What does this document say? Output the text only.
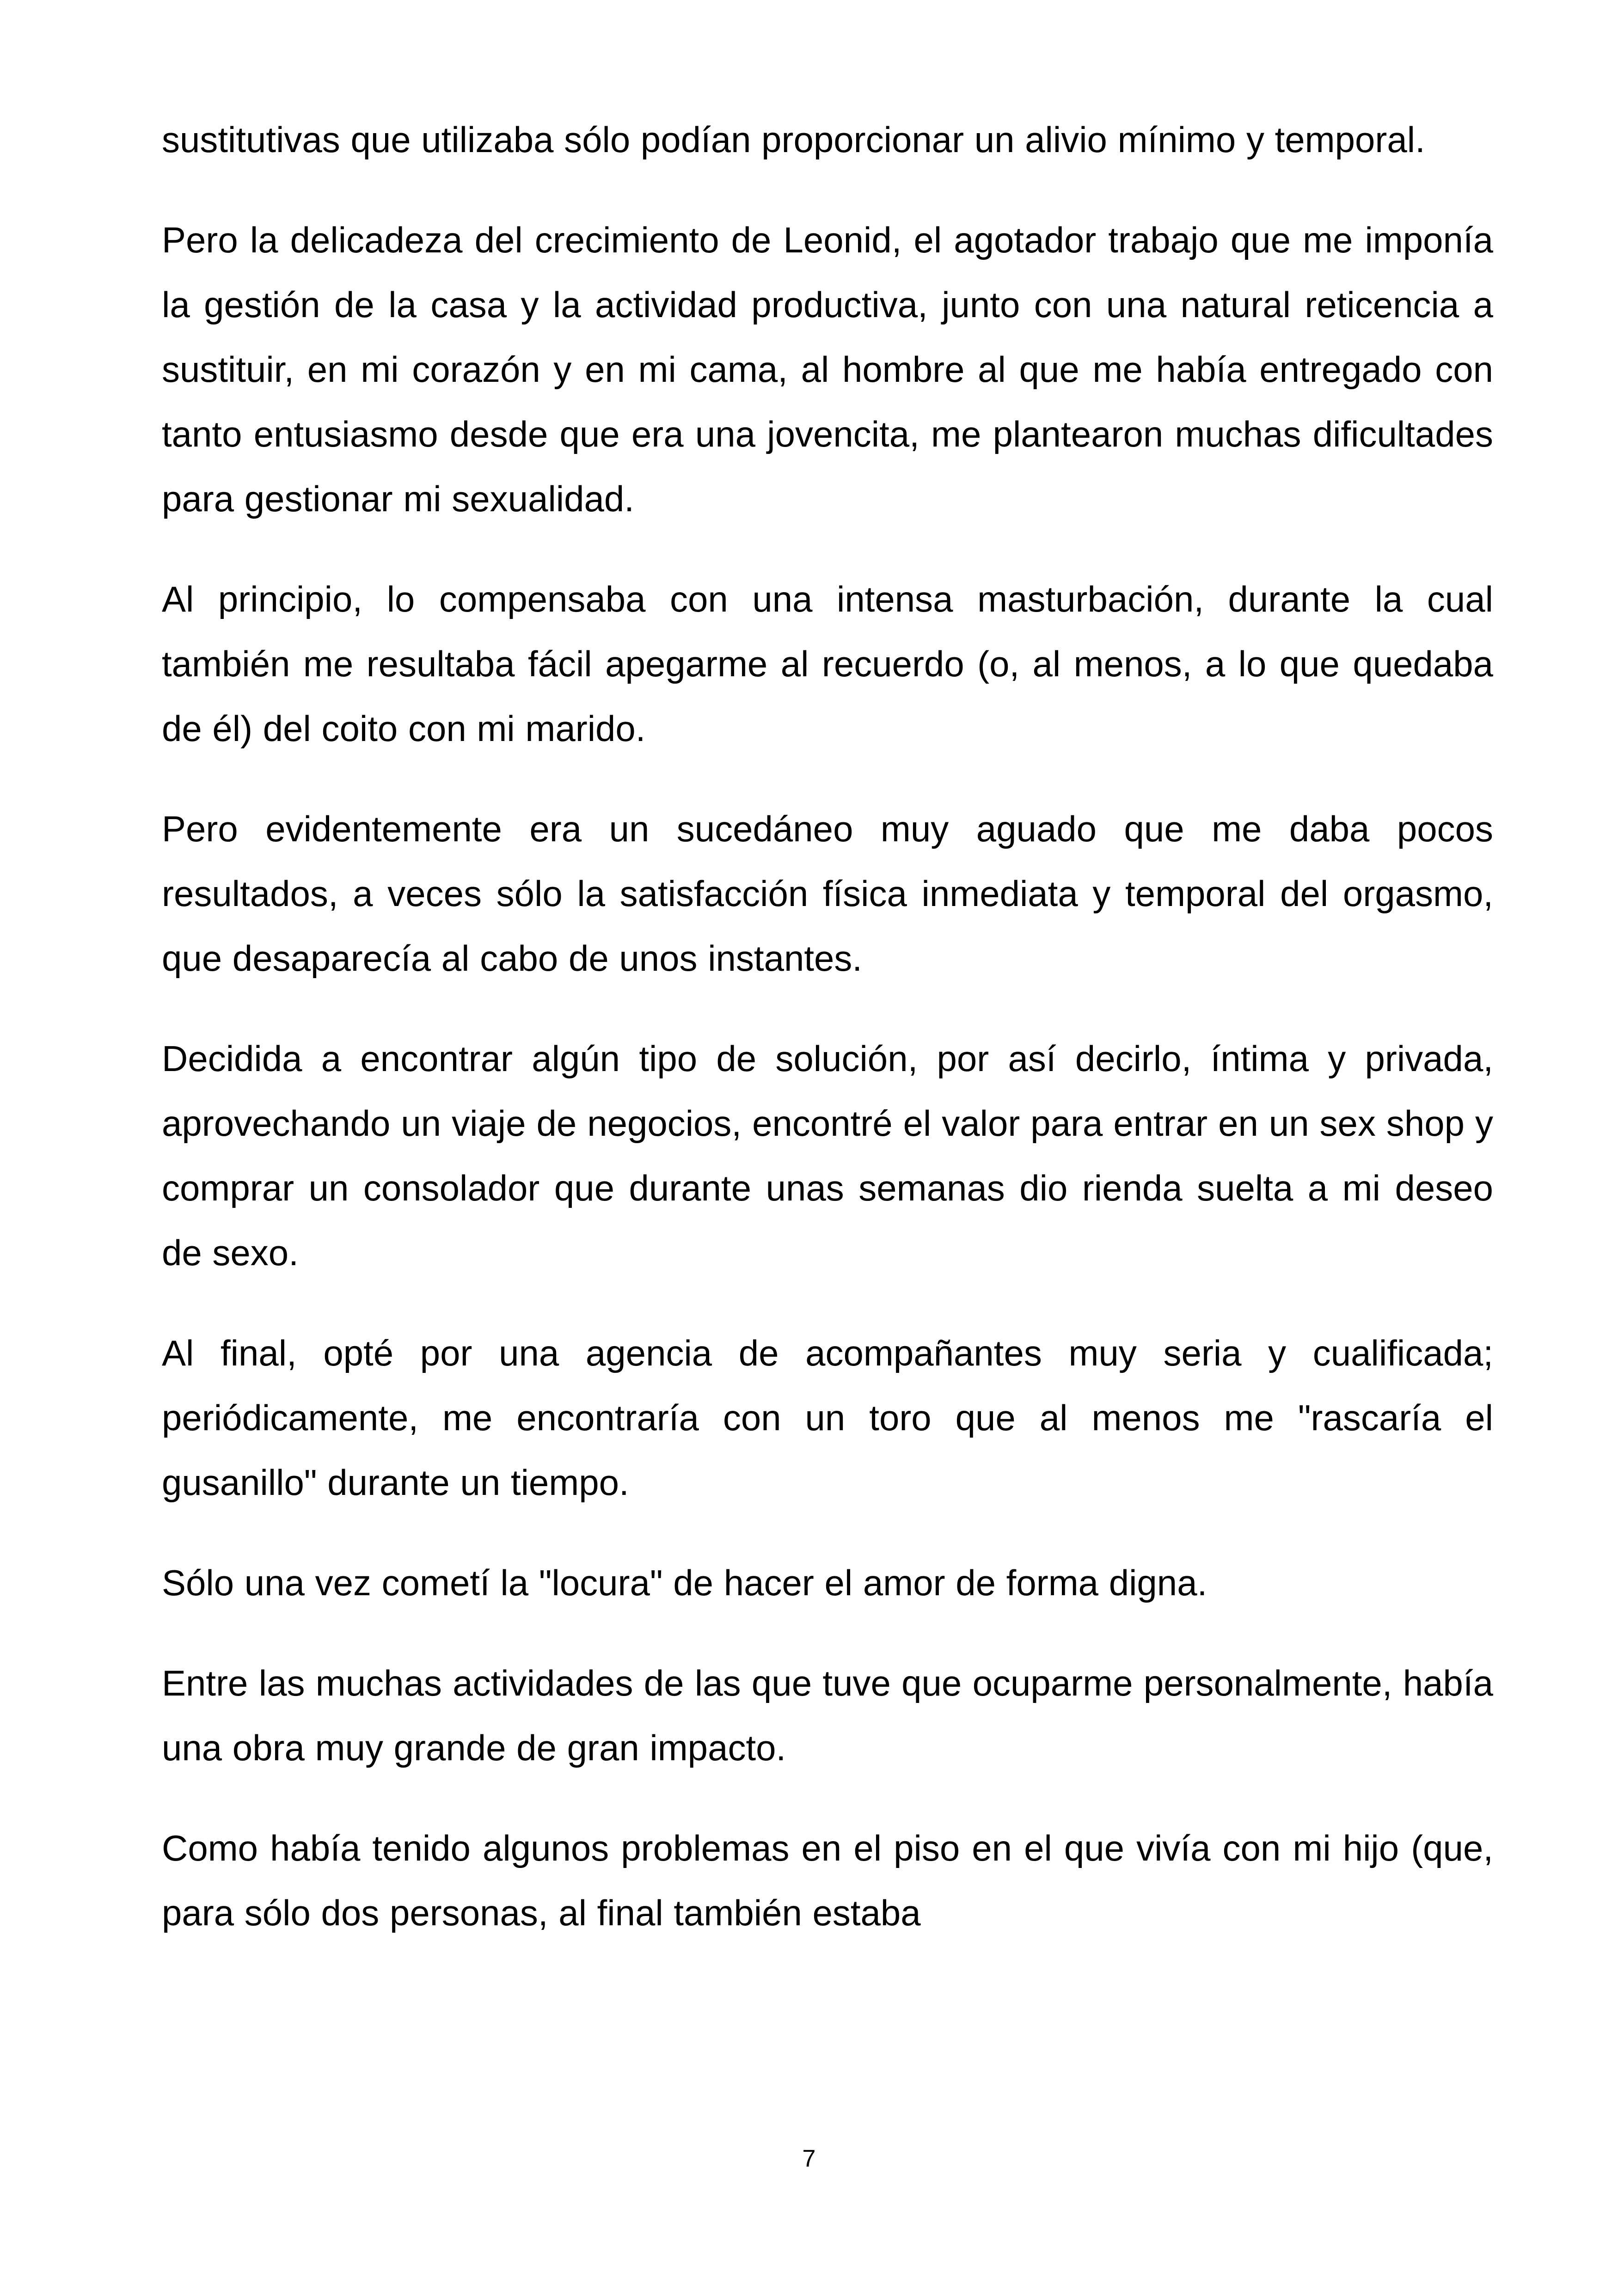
sustitutivas que utilizaba sólo podían proporcionar un alivio mínimo y temporal.

Pero la delicadeza del crecimiento de Leonid, el agotador trabajo que me imponía la gestión de la casa y la actividad productiva, junto con una natural reticencia a sustituir, en mi corazón y en mi cama, al hombre al que me había entregado con tanto entusiasmo desde que era una jovencita, me plantearon muchas dificultades para gestionar mi sexualidad.

Al principio, lo compensaba con una intensa masturbación, durante la cual también me resultaba fácil apegarme al recuerdo (o, al menos, a lo que quedaba de él) del coito con mi marido.

Pero evidentemente era un sucedáneo muy aguado que me daba pocos resultados, a veces sólo la satisfacción física inmediata y temporal del orgasmo, que desaparecía al cabo de unos instantes.

Decidida a encontrar algún tipo de solución, por así decirlo, íntima y privada, aprovechando un viaje de negocios, encontré el valor para entrar en un sex shop y comprar un consolador que durante unas semanas dio rienda suelta a mi deseo de sexo.

Al final, opté por una agencia de acompañantes muy seria y cualificada; periódicamente, me encontraría con un toro que al menos me "rascaría el gusanillo" durante un tiempo.

Sólo una vez cometí la "locura" de hacer el amor de forma digna.

Entre las muchas actividades de las que tuve que ocuparme personalmente, había una obra muy grande de gran impacto.

Como había tenido algunos problemas en el piso en el que vivía con mi hijo (que, para sólo dos personas, al final también estaba

7
